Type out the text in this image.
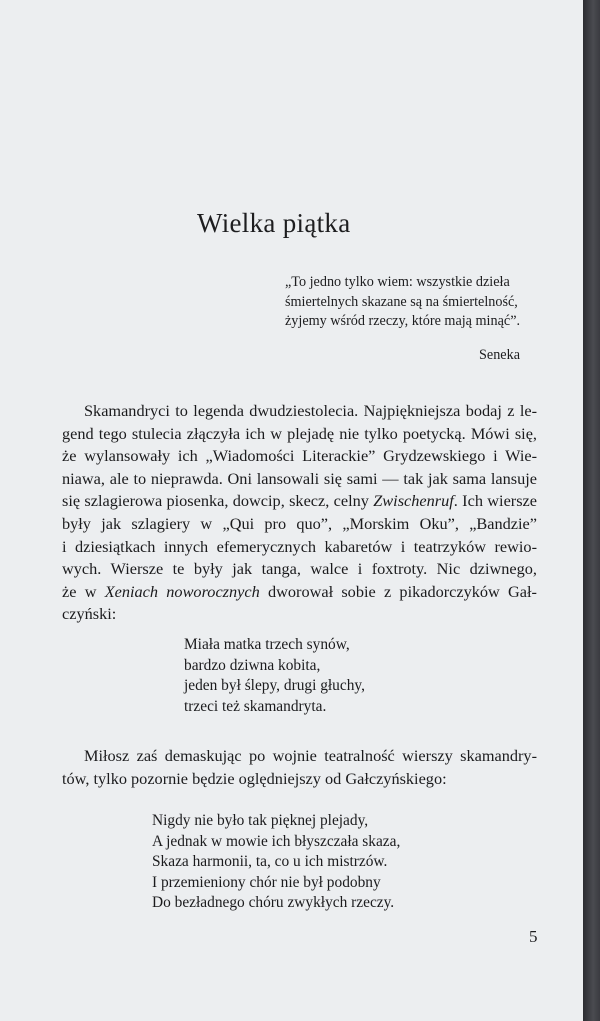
Wielka piątka
„To jedno tylko wiem: wszystkie dzieła
śmiertelnych skazane są na śmiertelność,
żyjemy wśród rzeczy, które mają minąć”.
Seneka
Skamandryci to legenda dwudziestolecia. Najpiękniejsza bodaj z le-
gend tego stulecia złączyła ich w plejadę nie tylko poetycką. Mówi się,
że wylansowały ich „Wiadomości Literackie” Grydzewskiego i Wie-
niawa, ale to nieprawda. Oni lansowali się sami — tak jak sama lansuje
się szlagierowa piosenka, dowcip, skecz, celny Zwischenruf. Ich wiersze
były jak szlagiery w „Qui pro quo”, „Morskim Oku”, „Bandzie”
i dziesiątkach innych efemerycznych kabaretów i teatrzyków rewio-
wych. Wiersze te były jak tanga, walce i foxtroty. Nic dziwnego,
że w Xeniach noworocznych dworował sobie z pikadorczyków Gał-
czyński:
Miała matka trzech synów,
bardzo dziwna kobita,
jeden był ślepy, drugi głuchy,
trzeci też skamandryta.
Miłosz zaś demaskując po wojnie teatralność wierszy skamandry-
tów, tylko pozornie będzie oględniejszy od Gałczyńskiego:
Nigdy nie było tak pięknej plejady,
A jednak w mowie ich błyszczała skaza,
Skaza harmonii, ta, co u ich mistrzów.
I przemieniony chór nie był podobny
Do bezładnego chóru zwykłych rzeczy.
5
